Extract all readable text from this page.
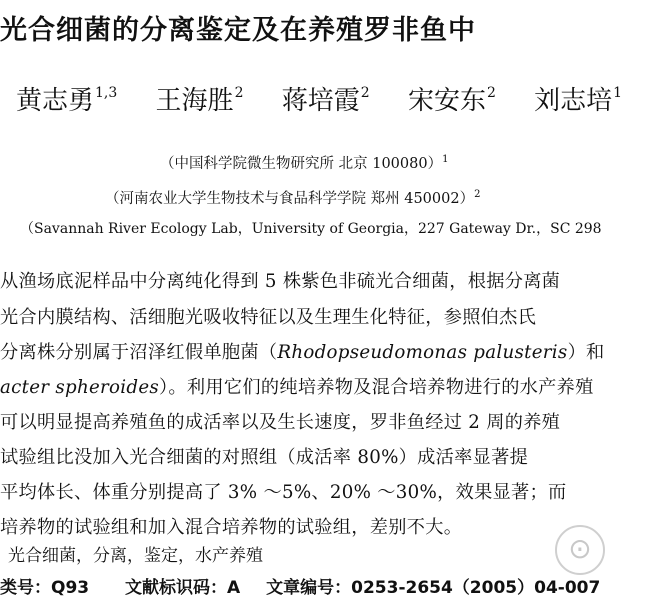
光合细菌的分离鉴定及在养殖罗非鱼中
黄志勇$^{1,3}$ 王海胜$^2$ 蒋培霞$^2$ 宋安东$^2$ 刘志培$^1$
（中国科学院微生物研究所 北京 100080）$^1$
（河南农业大学生物技术与食品科学学院 郑州 450002）$^2$
（Savannah River Ecology Lab，University of Georgia，227 Gateway Dr.，SC 298
从渔场底泥样品中分离纯化得到 5 株紫色非硫光合细菌，根据分离菌
光合内膜结构、活细胞光吸收特征以及生理生化特征，参照伯杰氏
分离株分别属于沼泽红假单胞菌（Rhodopseudomonas palusteris）和
acter spheroides）。利用它们的纯培养物及混合培养物进行的水产养殖
可以明显提高养殖鱼的成活率以及生长速度，罗非鱼经过 2 周的养殖
试验组比没加入光合细菌的对照组（成活率 80%）成活率显著提
平均体长、体重分别提高了 3% ～5%、20% ～30%，效果显著；而
培养物的试验组和加入混合培养物的试验组，差别不大。
光合细菌，分离，鉴定，水产养殖
类号：Q93 文献标识码：A 文章编号：0253-2654（2005）04-007
⊙
